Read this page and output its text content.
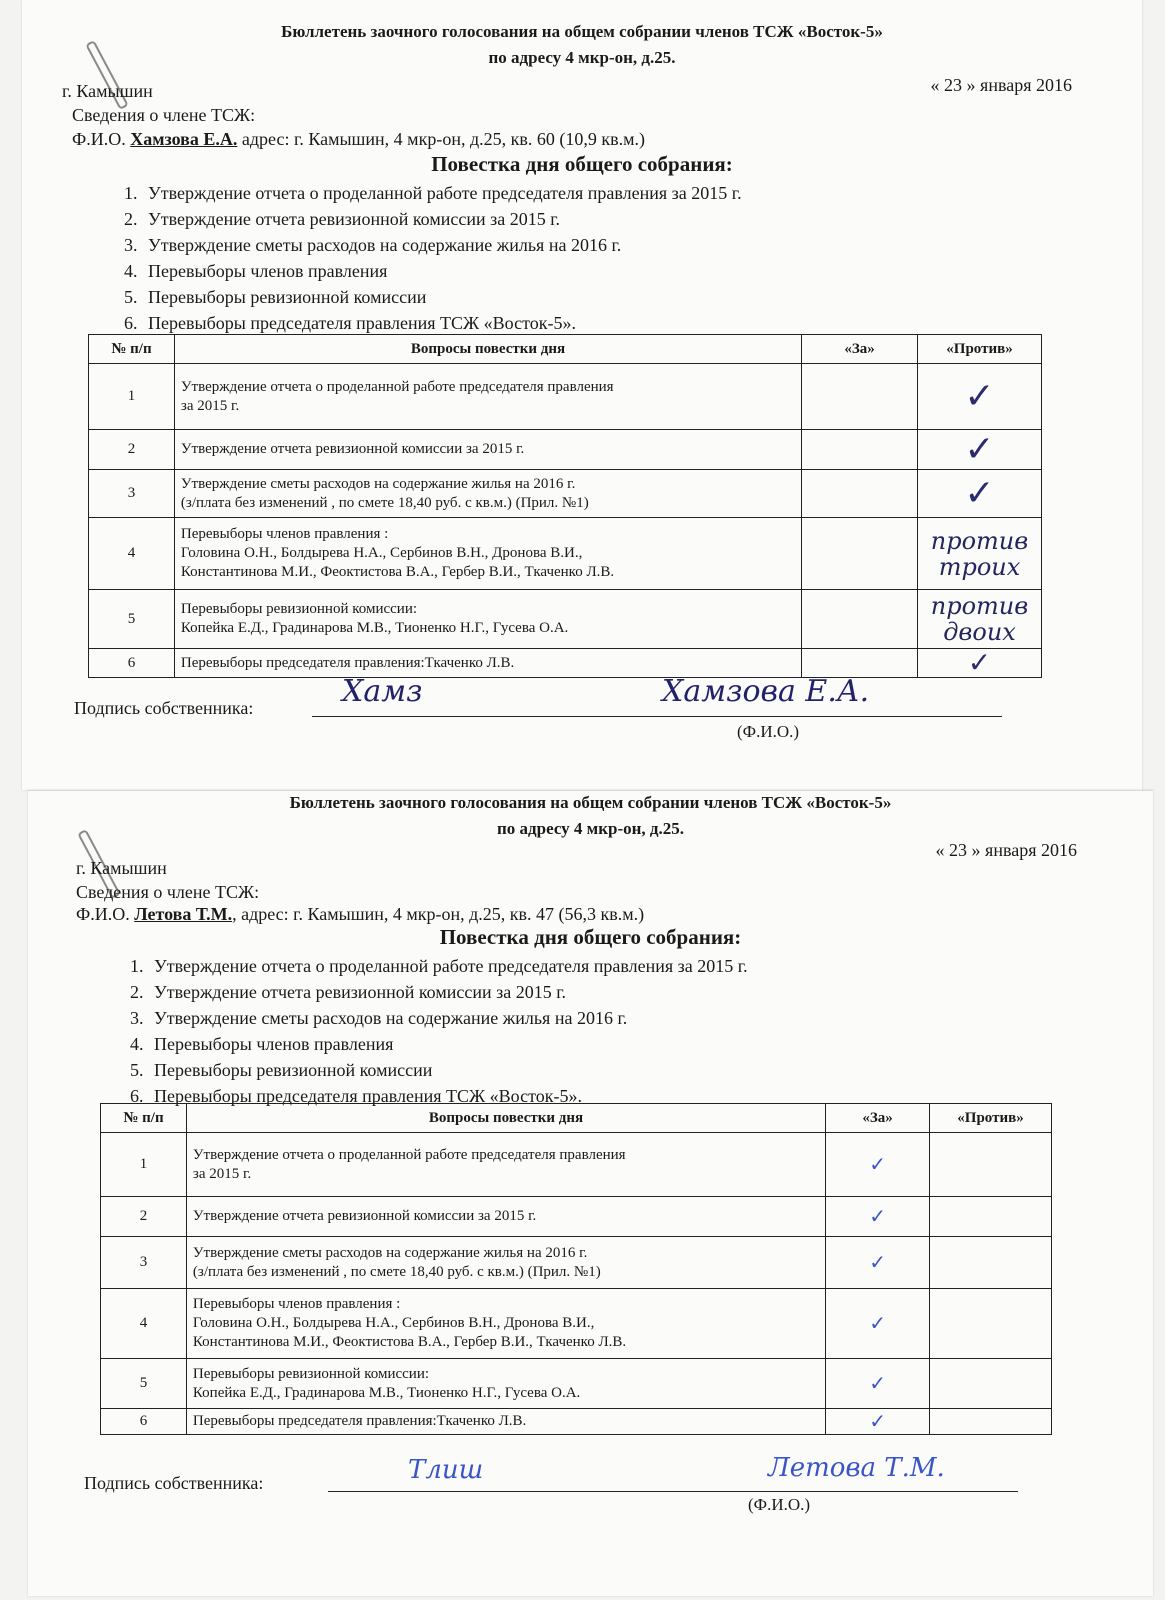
Бюллетень заочного голосования на общем собрании членов ТСЖ «Восток-5»
по адресу 4 мкр-он, д.25.
г. Камышин	« 23 » января 2016
Сведения о члене ТСЖ:
Ф.И.О. Хамзова Е.А. адрес: г. Камышин, 4 мкр-он, д.25, кв. 60 (10,9 кв.м.)
Повестка дня общего собрания:
1. Утверждение отчета о проделанной работе председателя правления за 2015 г.
2. Утверждение отчета ревизионной комиссии за 2015 г.
3. Утверждение сметы расходов на содержание жилья на 2016 г.
4. Перевыборы членов правления
5. Перевыборы ревизионной комиссии
6. Перевыборы председателя правления ТСЖ «Восток-5».
№ п/п	Вопросы повестки дня	«За»	«Против»
1	Утверждение отчета о проделанной работе председателя правления
за 2015 г.		✓
2	Утверждение отчета ревизионной комиссии за 2015 г.		✓
3	Утверждение сметы расходов на содержание жилья на 2016 г.
(з/плата без изменений , по смете 18,40 руб. с кв.м.) (Прил. №1)		✓
4	Перевыборы членов правления :
Головина О.Н., Болдырева Н.А., Сербинов В.Н., Дронова В.И.,
Константинова М.И., Феоктистова В.А., Гербер В.И., Ткаченко Л.В.		против троих
5	Перевыборы ревизионной комиссии:
Копейка Е.Д., Градинарова М.В., Тионенко Н.Г., Гусева О.А.		против двоих
6	Перевыборы председателя правления:Ткаченко Л.В.		✓
Подпись собственника:	Хамз	Хамзова Е.А.
(Ф.И.О.)
Бюллетень заочного голосования на общем собрании членов ТСЖ «Восток-5»
по адресу 4 мкр-он, д.25.
г. Камышин
« 23 » января 2016
Сведения о члене ТСЖ:
Ф.И.О. Летова Т.М., адрес: г. Камышин, 4 мкр-он, д.25, кв. 47 (56,3 кв.м.)
Повестка дня общего собрания:
1. Утверждение отчета о проделанной работе председателя правления за 2015 г.
2. Утверждение отчета ревизионной комиссии за 2015 г.
3. Утверждение сметы расходов на содержание жилья на 2016 г.
4. Перевыборы членов правления
5. Перевыборы ревизионной комиссии
6. Перевыборы председателя правления ТСЖ «Восток-5».
№ п/п	Вопросы повестки дня	«За»	«Против»
1	Утверждение отчета о проделанной работе председателя правления
за 2015 г.	✓	
2	Утверждение отчета ревизионной комиссии за 2015 г.	✓	
3	Утверждение сметы расходов на содержание жилья на 2016 г.
(з/плата без изменений , по смете 18,40 руб. с кв.м.) (Прил. №1)	✓	
4	Перевыборы членов правления :
Головина О.Н., Болдырева Н.А., Сербинов В.Н., Дронова В.И.,
Константинова М.И., Феоктистова В.А., Гербер В.И., Ткаченко Л.В.	✓	
5	Перевыборы ревизионной комиссии:
Копейка Е.Д., Градинарова М.В., Тионенко Н.Г., Гусева О.А.	✓	
6	Перевыборы председателя правления:Ткаченко Л.В.	✓	
Подпись собственника:	Тлиш	Летова Т.М.
(Ф.И.О.)
